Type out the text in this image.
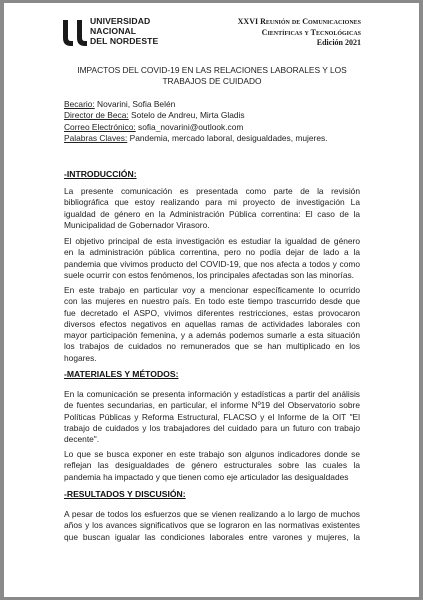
UNIVERSIDAD
NACIONAL
DEL NORDESTE
XXVI Reunión de Comunicaciones
Científicas y Tecnológicas
Edición 2021
IMPACTOS DEL COVID-19 EN LAS RELACIONES LABORALES Y LOS
TRABAJOS DE CUIDADO
Becario: Novarini, Sofia Belén
Director de Beca: Sotelo de Andreu, Mirta Gladis
Correo Electrónico: sofia_novarini@outlook.com
Palabras Claves: Pandemia, mercado laboral, desigualdades, mujeres.
-INTRODUCCIÓN:
La presente comunicación es presentada como parte de la revisión
bibliográfica que estoy realizando para mi proyecto de investigación La
igualdad de género en la Administración Pública correntina: El caso de la
Municipalidad de Gobernador Virasoro.
El objetivo principal de esta investigación es estudiar la igualdad de género
en la administración pública correntina, pero no podía dejar de lado a la
pandemia que vivimos producto del COVID-19, que nos afecta a todos y como
suele ocurrir con estos fenómenos, los principales afectadas son las minorías.
En este trabajo en particular voy a mencionar específicamente lo ocurrido
con las mujeres en nuestro país. En todo este tiempo trascurrido desde que
fue decretado el ASPO, vivimos diferentes restricciones, estas provocaron
diversos efectos negativos en aquellas ramas de actividades laborales con
mayor participación femenina, y a además podemos sumarle a esta situación
los trabajos de cuidados no remunerados que se han multiplicado en los
hogares.
-MATERIALES Y MÉTODOS:
En la comunicación se presenta información y estadísticas a partir del análisis
de fuentes secundarias, en particular, el informe Nº19 del Observatorio sobre
Políticas Públicas y Reforma Estructural, FLACSO y el Informe de la OIT "El
trabajo de cuidados y los trabajadores del cuidado para un futuro con trabajo
decente".
Lo que se busca exponer en este trabajo son algunos indicadores donde se
reflejan las desigualdades de género estructurales sobre las cuales la
pandemia ha impactado y que tienen como eje articulador las desigualdades
-RESULTADOS Y DISCUSIÓN:
A pesar de todos los esfuerzos que se vienen realizando a lo largo de muchos
años y los avances significativos que se lograron en las normativas existentes
que buscan igualar las condiciones laborales entre varones y mujeres, la
